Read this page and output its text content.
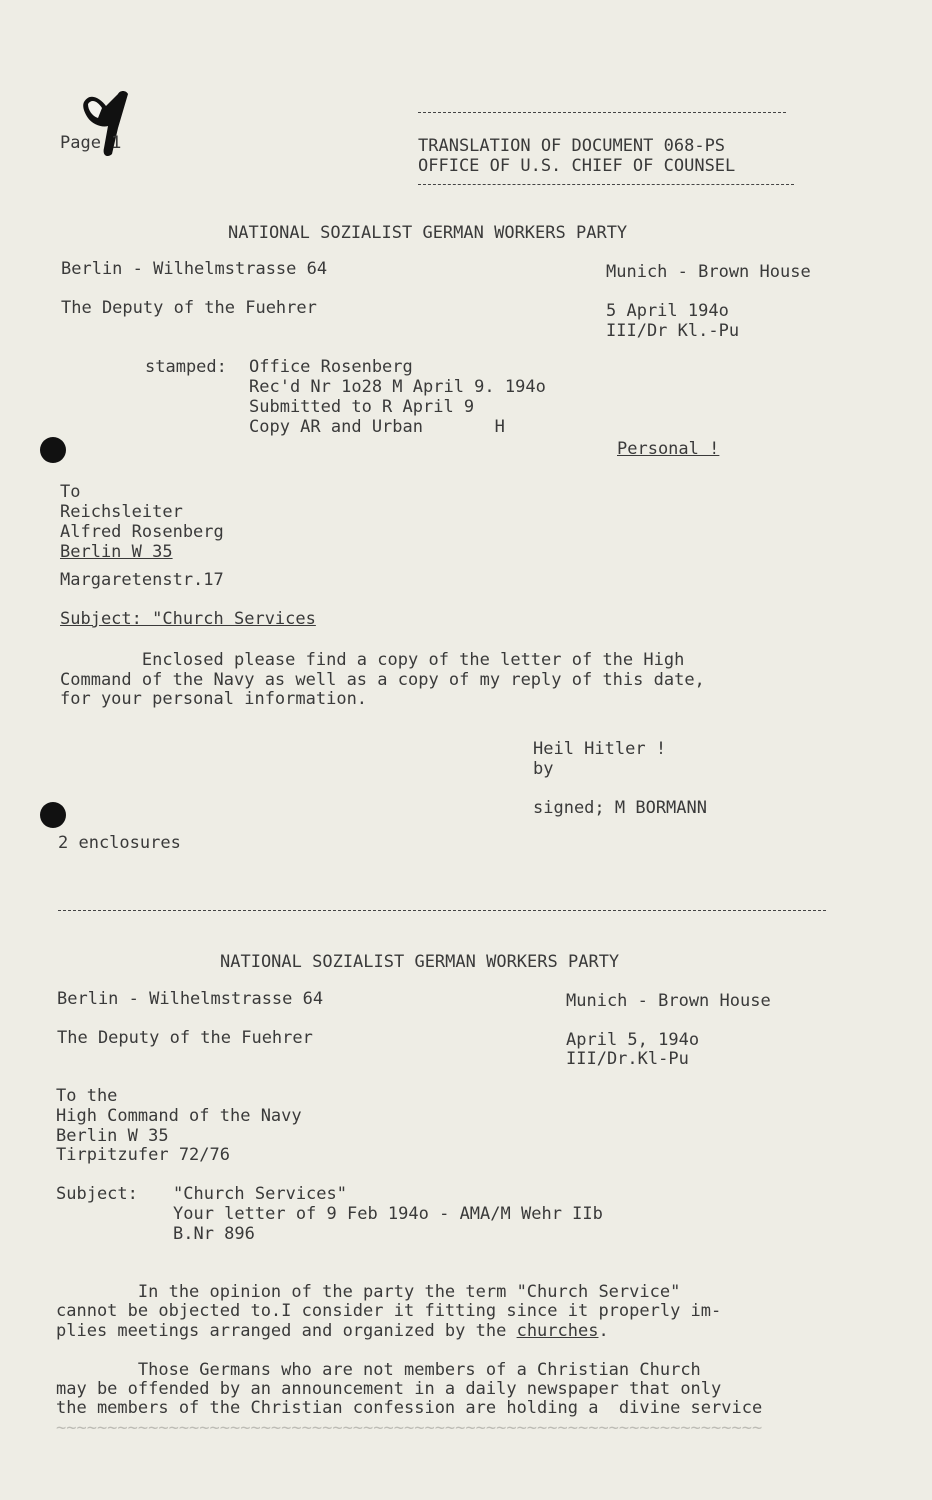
Page 1	TRANSLATION OF DOCUMENT 068-PS
OFFICE OF U.S. CHIEF OF COUNSEL
NATIONAL SOZIALIST GERMAN WORKERS PARTY
Berlin - Wilhelmstrasse 64	Munich - Brown House
The Deputy of the Fuehrer	5 April 194o
III/Dr Kl.-Pu
stamped: Office Rosenberg
Rec'd Nr 1o28 M April 9. 194o
Submitted to R April 9
Copy AR and Urban       H
Personal !
To
Reichsleiter
Alfred Rosenberg
Berlin W 35
Margaretenstr.17
Subject: "Church Services
Enclosed please find a copy of the letter of the High
Command of the Navy as well as a copy of my reply of this date,
for your personal information.
Heil Hitler !
by
signed; M BORMANN
2 enclosures
NATIONAL SOZIALIST GERMAN WORKERS PARTY
Berlin - Wilhelmstrasse 64	Munich - Brown House
The Deputy of the Fuehrer	April 5, 194o
III/Dr.Kl-Pu
To the
High Command of the Navy
Berlin W 35
Tirpitzufer 72/76
Subject: "Church Services"
Your letter of 9 Feb 194o - AMA/M Wehr IIb
B.Nr 896
In the opinion of the party the term "Church Service"
cannot be objected to.I consider it fitting since it properly im-
plies meetings arranged and organized by the churches.
Those Germans who are not members of a Christian Church
may be offended by an announcement in a daily newspaper that only
the members of the Christian confession are holding a  divine service
~~~~~~~~~~~~~~~~~~~~~~~~~~~~~~~~~~~~~~~~~~~~~~~~~~~~~~~~~~~~~~~~~~~~~
